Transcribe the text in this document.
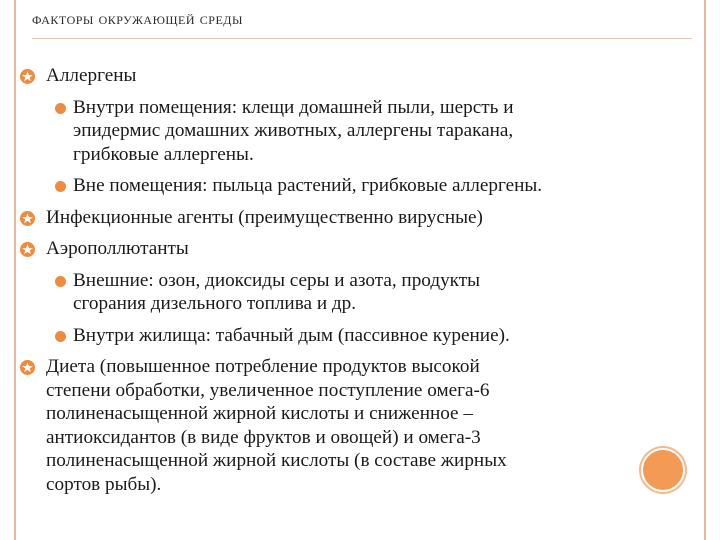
факторы окружающей среды
Аллергены
Внутри помещения: клещи домашней пыли, шерсть и
эпидермис домашних животных, аллергены таракана,
грибковые аллергены.
Вне помещения: пыльца растений, грибковые аллергены.
Инфекционные агенты (преимущественно вирусные)
Аэрополлютанты
Внешние: озон, диоксиды серы и азота, продукты
сгорания дизельного топлива и др.
Внутри жилища: табачный дым (пассивное курение).
Диета (повышенное потребление продуктов высокой
степени обработки, увеличенное поступление омега-6
полиненасыщенной жирной кислоты и сниженное –
антиоксидантов (в виде фруктов и овощей) и омега-3
полиненасыщенной жирной кислоты (в составе жирных
сортов рыбы).
